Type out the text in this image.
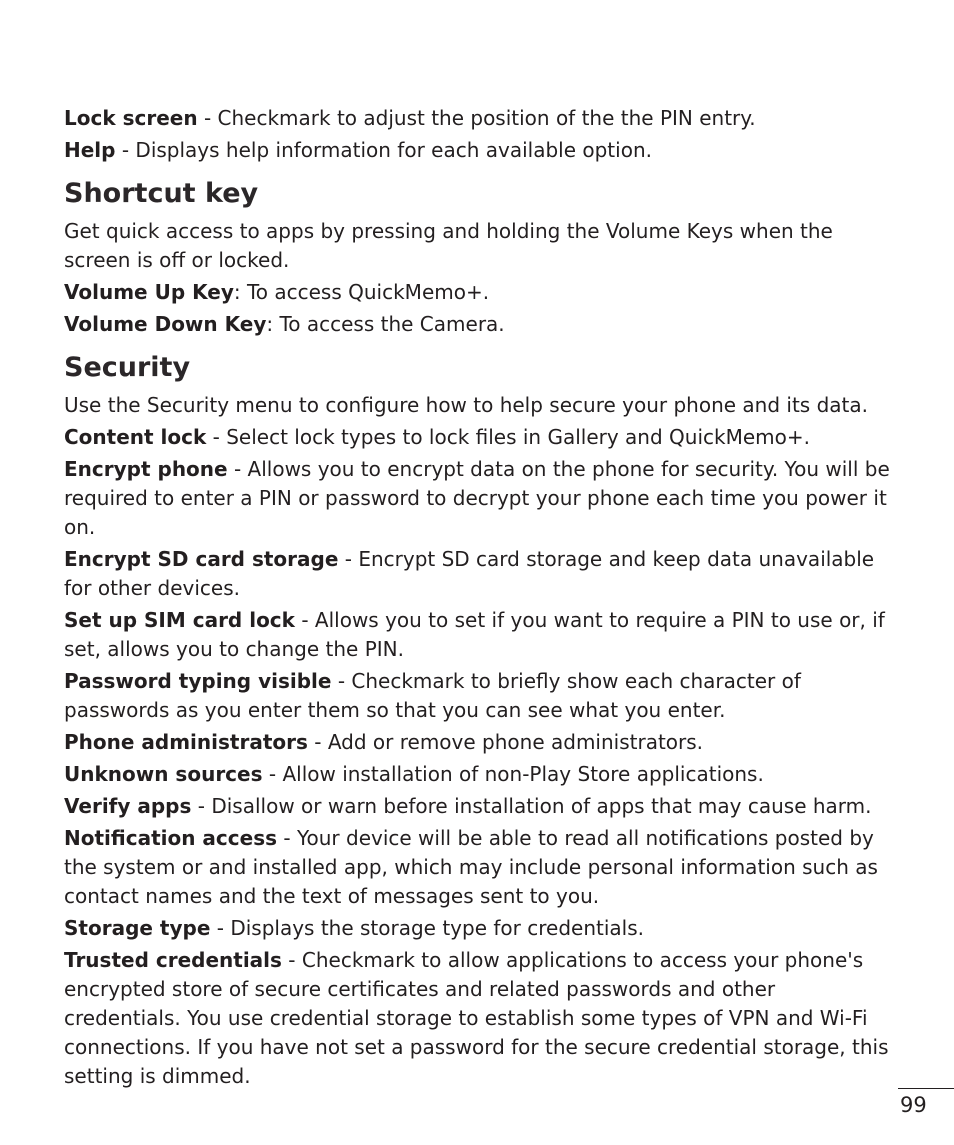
Lock screen - Checkmark to adjust the position of the the PIN entry.

Help - Displays help information for each available option.

Shortcut key

Get quick access to apps by pressing and holding the Volume Keys when the screen is off or locked.

Volume Up Key: To access QuickMemo+.

Volume Down Key: To access the Camera.

Security

Use the Security menu to configure how to help secure your phone and its data.

Content lock - Select lock types to lock files in Gallery and QuickMemo+.

Encrypt phone - Allows you to encrypt data on the phone for security. You will be required to enter a PIN or password to decrypt your phone each time you power it on.

Encrypt SD card storage - Encrypt SD card storage and keep data unavailable for other devices.

Set up SIM card lock - Allows you to set if you want to require a PIN to use or, if set, allows you to change the PIN.

Password typing visible - Checkmark to briefly show each character of passwords as you enter them so that you can see what you enter.

Phone administrators - Add or remove phone administrators.

Unknown sources - Allow installation of non-Play Store applications.

Verify apps - Disallow or warn before installation of apps that may cause harm.

Notification access - Your device will be able to read all notifications posted by the system or and installed app, which may include personal information such as contact names and the text of messages sent to you.

Storage type - Displays the storage type for credentials.

Trusted credentials - Checkmark to allow applications to access your phone's encrypted store of secure certificates and related passwords and other credentials. You use credential storage to establish some types of VPN and Wi-Fi connections. If you have not set a password for the secure credential storage, this setting is dimmed.

99
